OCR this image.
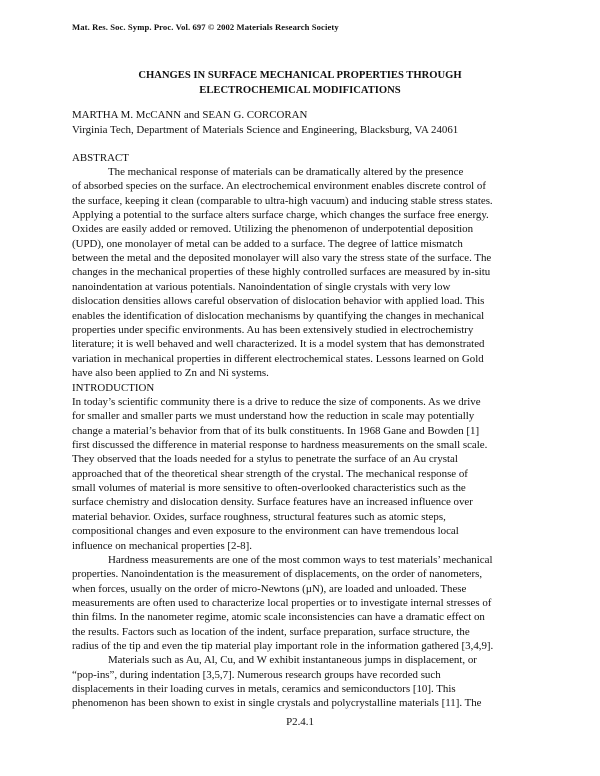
Mat. Res. Soc. Symp. Proc. Vol. 697 © 2002 Materials Research Society
CHANGES IN SURFACE MECHANICAL PROPERTIES THROUGH
ELECTROCHEMICAL MODIFICATIONS
MARTHA M. McCANN and SEAN G. CORCORAN
Virginia Tech, Department of Materials Science and Engineering, Blacksburg, VA 24061
ABSTRACT
The mechanical response of materials can be dramatically altered by the presence
of absorbed species on the surface. An electrochemical environment enables discrete control of
the surface, keeping it clean (comparable to ultra-high vacuum) and inducing stable stress states.
Applying a potential to the surface alters surface charge, which changes the surface free energy.
Oxides are easily added or removed. Utilizing the phenomenon of underpotential deposition
(UPD), one monolayer of metal can be added to a surface. The degree of lattice mismatch
between the metal and the deposited monolayer will also vary the stress state of the surface. The
changes in the mechanical properties of these highly controlled surfaces are measured by in-situ
nanoindentation at various potentials. Nanoindentation of single crystals with very low
dislocation densities allows careful observation of dislocation behavior with applied load. This
enables the identification of dislocation mechanisms by quantifying the changes in mechanical
properties under specific environments. Au has been extensively studied in electrochemistry
literature; it is well behaved and well characterized. It is a model system that has demonstrated
variation in mechanical properties in different electrochemical states. Lessons learned on Gold
have also been applied to Zn and Ni systems.
INTRODUCTION
In today’s scientific community there is a drive to reduce the size of components. As we drive
for smaller and smaller parts we must understand how the reduction in scale may potentially
change a material’s behavior from that of its bulk constituents. In 1968 Gane and Bowden [1]
first discussed the difference in material response to hardness measurements on the small scale.
They observed that the loads needed for a stylus to penetrate the surface of an Au crystal
approached that of the theoretical shear strength of the crystal. The mechanical response of
small volumes of material is more sensitive to often-overlooked characteristics such as the
surface chemistry and dislocation density. Surface features have an increased influence over
material behavior. Oxides, surface roughness, structural features such as atomic steps,
compositional changes and even exposure to the environment can have tremendous local
influence on mechanical properties [2-8].
Hardness measurements are one of the most common ways to test materials’ mechanical
properties. Nanoindentation is the measurement of displacements, on the order of nanometers,
when forces, usually on the order of micro-Newtons (µN), are loaded and unloaded. These
measurements are often used to characterize local properties or to investigate internal stresses of
thin films. In the nanometer regime, atomic scale inconsistencies can have a dramatic effect on
the results. Factors such as location of the indent, surface preparation, surface structure, the
radius of the tip and even the tip material play important role in the information gathered [3,4,9].
Materials such as Au, Al, Cu, and W exhibit instantaneous jumps in displacement, or
“pop-ins”, during indentation [3,5,7]. Numerous research groups have recorded such
displacements in their loading curves in metals, ceramics and semiconductors [10]. This
phenomenon has been shown to exist in single crystals and polycrystalline materials [11]. The
P2.4.1
